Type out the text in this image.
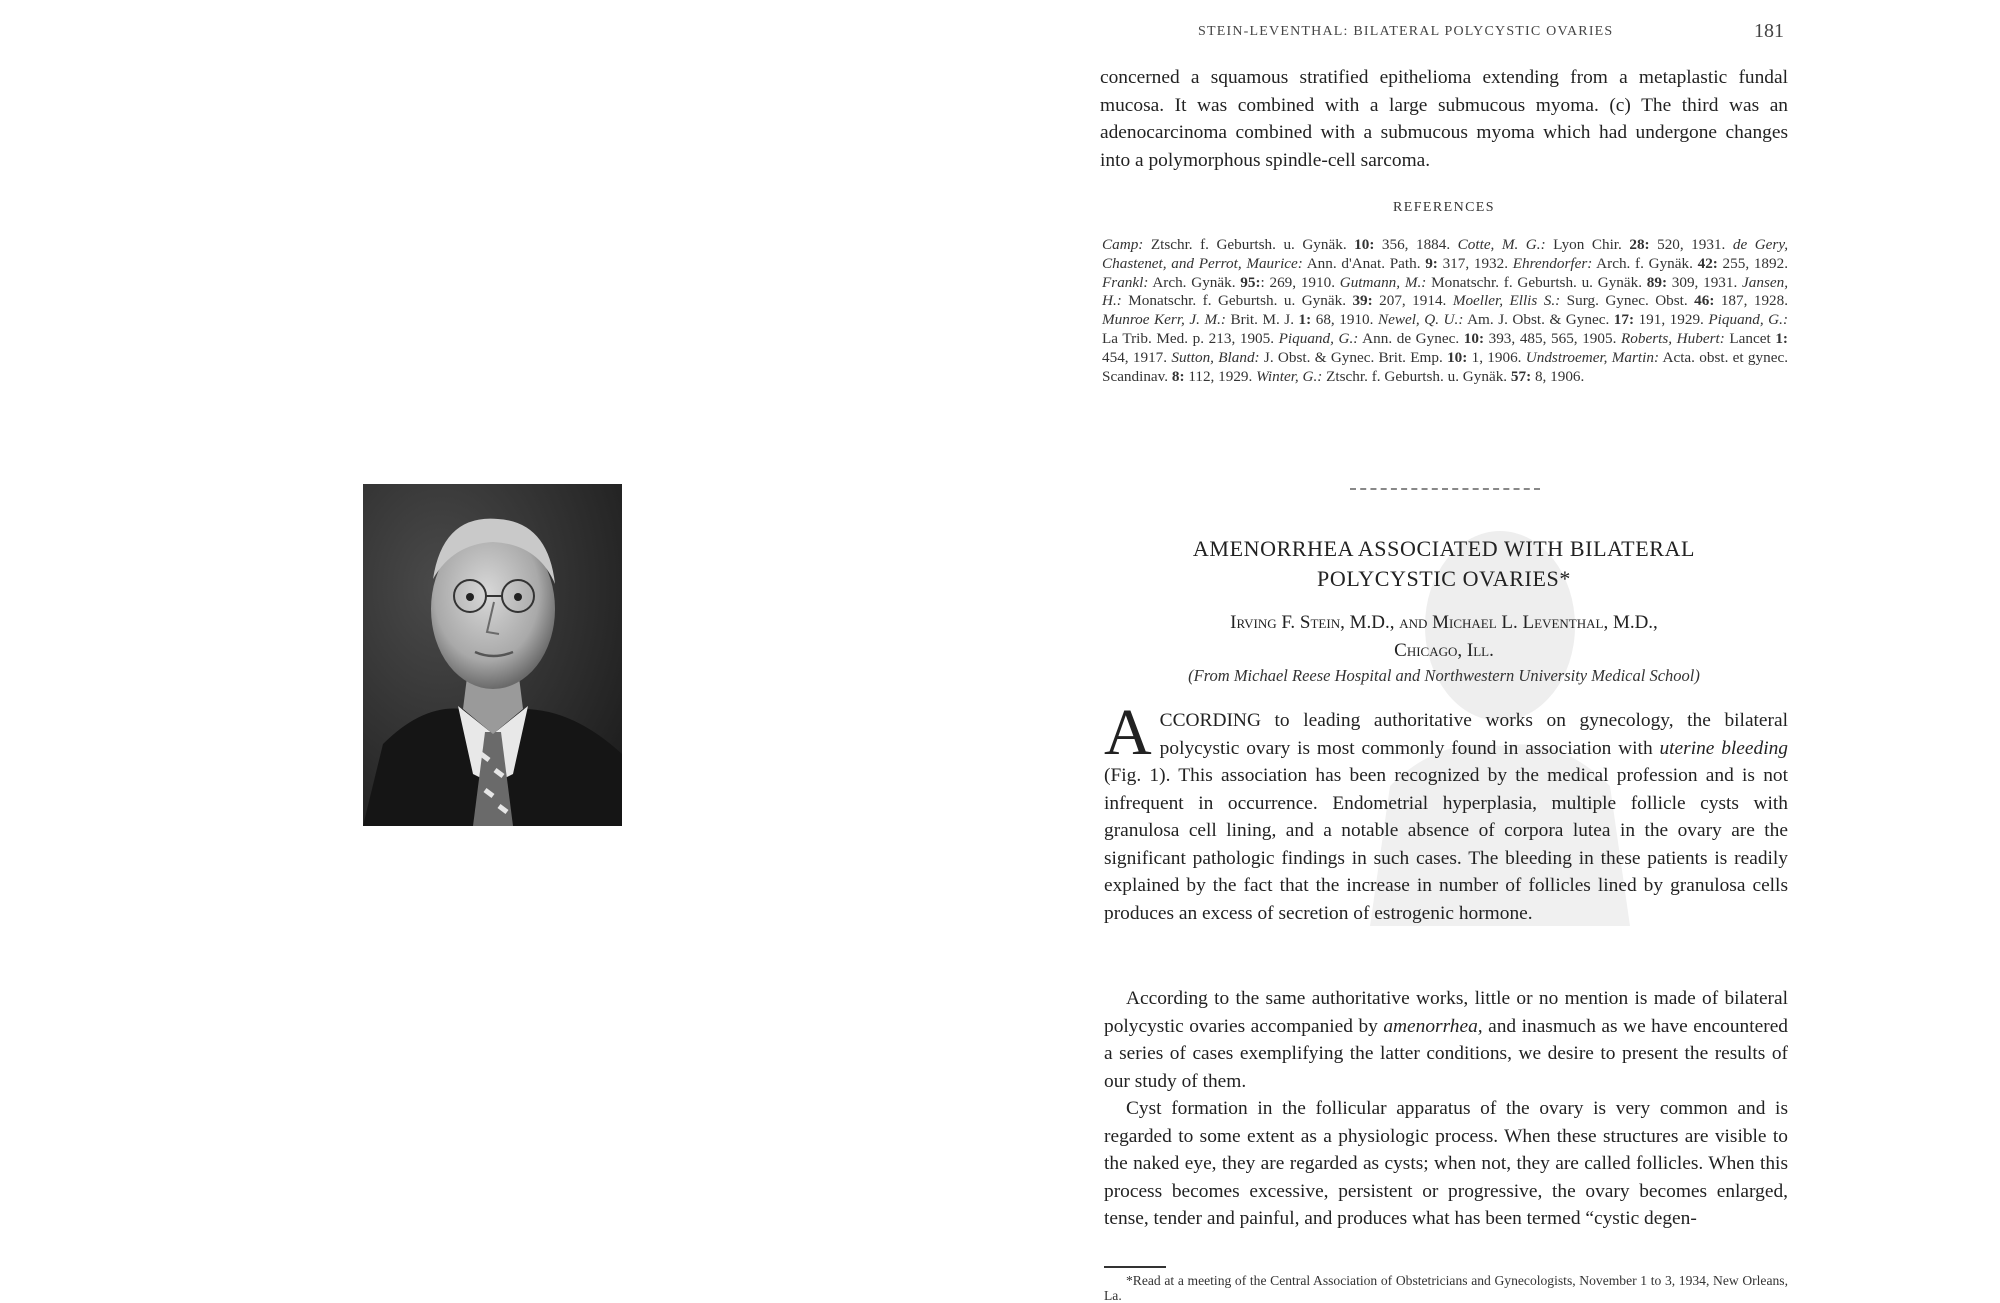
STEIN-LEVENTHAL: BILATERAL POLYCYSTIC OVARIES	181

concerned a squamous stratified epithelioma extending from a metaplastic fundal mucosa. It was combined with a large submucous myoma. (c) The third was an adenocarcinoma combined with a submucous myoma which had undergone changes into a polymorphous spindle-cell sarcoma.

REFERENCES

Camp: Ztschr. f. Geburtsh. u. Gynäk. 10: 356, 1884. Cotte, M. G.: Lyon Chir. 28: 520, 1931. de Gery, Chastenet, and Perrot, Maurice: Ann. d'Anat. Path. 9: 317, 1932. Ehrendorfer: Arch. f. Gynäk. 42: 255, 1892. Frankl: Arch. Gynäk. 95:: 269, 1910. Gutmann, M.: Monatschr. f. Geburtsh. u. Gynäk. 89: 309, 1931. Jansen, H.: Monatschr. f. Geburtsh. u. Gynäk. 39: 207, 1914. Moeller, Ellis S.: Surg. Gynec. Obst. 46: 187, 1928. Munroe Kerr, J. M.: Brit. M. J. 1: 68, 1910. Newel, Q. U.: Am. J. Obst. & Gynec. 17: 191, 1929. Piquand, G.: La Trib. Med. p. 213, 1905. Piquand, G.: Ann. de Gynec. 10: 393, 485, 565, 1905. Roberts, Hubert: Lancet 1: 454, 1917. Sutton, Bland: J. Obst. & Gynec. Brit. Emp. 10: 1, 1906. Undstroemer, Martin: Acta. obst. et gynec. Scandinav. 8: 112, 1929. Winter, G.: Ztschr. f. Geburtsh. u. Gynäk. 57: 8, 1906.

AMENORRHEA ASSOCIATED WITH BILATERAL
POLYCYSTIC OVARIES*
Irving F. Stein, M.D., and Michael L. Leventhal, M.D.,
Chicago, Ill.
(From Michael Reese Hospital and Northwestern University Medical School)

ACCORDING to leading authoritative works on gynecology, the bilateral polycystic ovary is most commonly found in association with uterine bleeding (Fig. 1). This association has been recognized by the medical profession and is not infrequent in occurrence. Endometrial hyperplasia, multiple follicle cysts with granulosa cell lining, and a notable absence of corpora lutea in the ovary are the significant pathologic findings in such cases. The bleeding in these patients is readily explained by the fact that the increase in number of follicles lined by granulosa cells produces an excess of secretion of estrogenic hormone.

According to the same authoritative works, little or no mention is made of bilateral polycystic ovaries accompanied by amenorrhea, and inasmuch as we have encountered a series of cases exemplifying the latter conditions, we desire to present the results of our study of them.

Cyst formation in the follicular apparatus of the ovary is very common and is regarded to some extent as a physiologic process. When these structures are visible to the naked eye, they are regarded as cysts; when not, they are called follicles. When this process becomes excessive, persistent or progressive, the ovary becomes enlarged, tense, tender and painful, and produces what has been termed “cystic degen-

*Read at a meeting of the Central Association of Obstetricians and Gynecologists, November 1 to 3, 1934, New Orleans, La.
